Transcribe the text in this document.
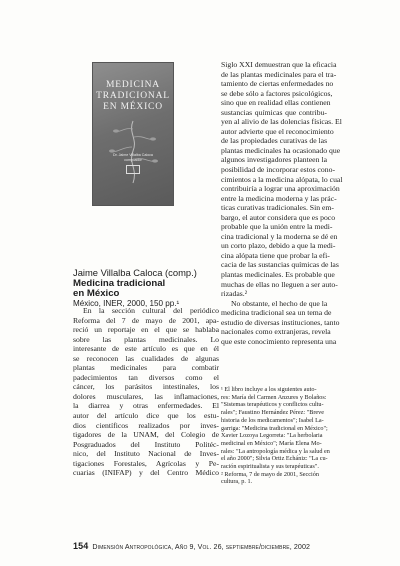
MEDICINA
TRADICIONAL
EN MÉXICO
Dr. Jaime Villalba Caloca
compilador
Jaime Villalba Caloca (comp.)
Medicina tradicional
en México
México, INER, 2000, 150 pp.¹
En la sección cultural del periódico
Reforma del 7 de mayo de 2001, apa-
reció un reportaje en el que se hablaba
sobre las plantas medicinales. Lo
interesante de este artículo es que en él
se reconocen las cualidades de algunas
plantas medicinales para combatir
padecimientos tan diversos como el
cáncer, los parásitos intestinales, los
dolores musculares, las inflamaciones,
la diarrea y otras enfermedades. El
autor del artículo dice que los estu-
dios científicos realizados por inves-
tigadores de la UNAM, del Colegio de
Posgraduados del Instituto Politéc-
nico, del Instituto Nacional de Inves-
tigaciones Forestales, Agrícolas y Pe-
cuarias (INIFAP) y del Centro Médico
Siglo XXI demuestran que la eficacia
de las plantas medicinales para el tra-
tamiento de ciertas enfermedades no
se debe sólo a factores psicológicos,
sino que en realidad ellas contienen
sustancias químicas que contribu-
yen al alivio de las dolencias físicas. El
autor advierte que el reconocimiento
de las propiedades curativas de las
plantas medicinales ha ocasionado que
algunos investigadores planteen la
posibilidad de incorporar estos cono-
cimientos a la medicina alópata, lo cual
contribuiría a lograr una aproximación
entre la medicina moderna y las prác-
ticas curativas tradicionales. Sin em-
bargo, el autor considera que es poco
probable que la unión entre la medi-
cina tradicional y la moderna se dé en
un corto plazo, debido a que la medi-
cina alópata tiene que probar la efi-
cacia de las sustancias químicas de las
plantas medicinales. Es probable que
muchas de ellas no lleguen a ser auto-
rizadas.²
No obstante, el hecho de que la
medicina tradicional sea un tema de
estudio de diversas instituciones, tanto
nacionales como extranjeras, revela
que este conocimiento representa una
¹ El libro incluye a los siguientes auto-
res: María del Carmen Anzures y Bolaños:
"Sistemas terapéuticos y conflictos cultu-
rales"; Faustino Hernández Pérez: "Breve
historia de los medicamentos"; Isabel La-
garriga: "Medicina tradicional en México";
Xavier Lozoya Legorreta: "La herbolaria
medicinal en México"; María Elena Mo-
rales: "La antropología médica y la salud en
el año 2000"; Silvia Ortiz Echániz: "La cu-
ración espiritualista y sus terapéuticas".
² Reforma, 7 de mayo de 2001, Sección
cultura, p. 1.
154 Dimensión Antropológica, Año 9, Vol. 26, septiembre/diciembre, 2002
